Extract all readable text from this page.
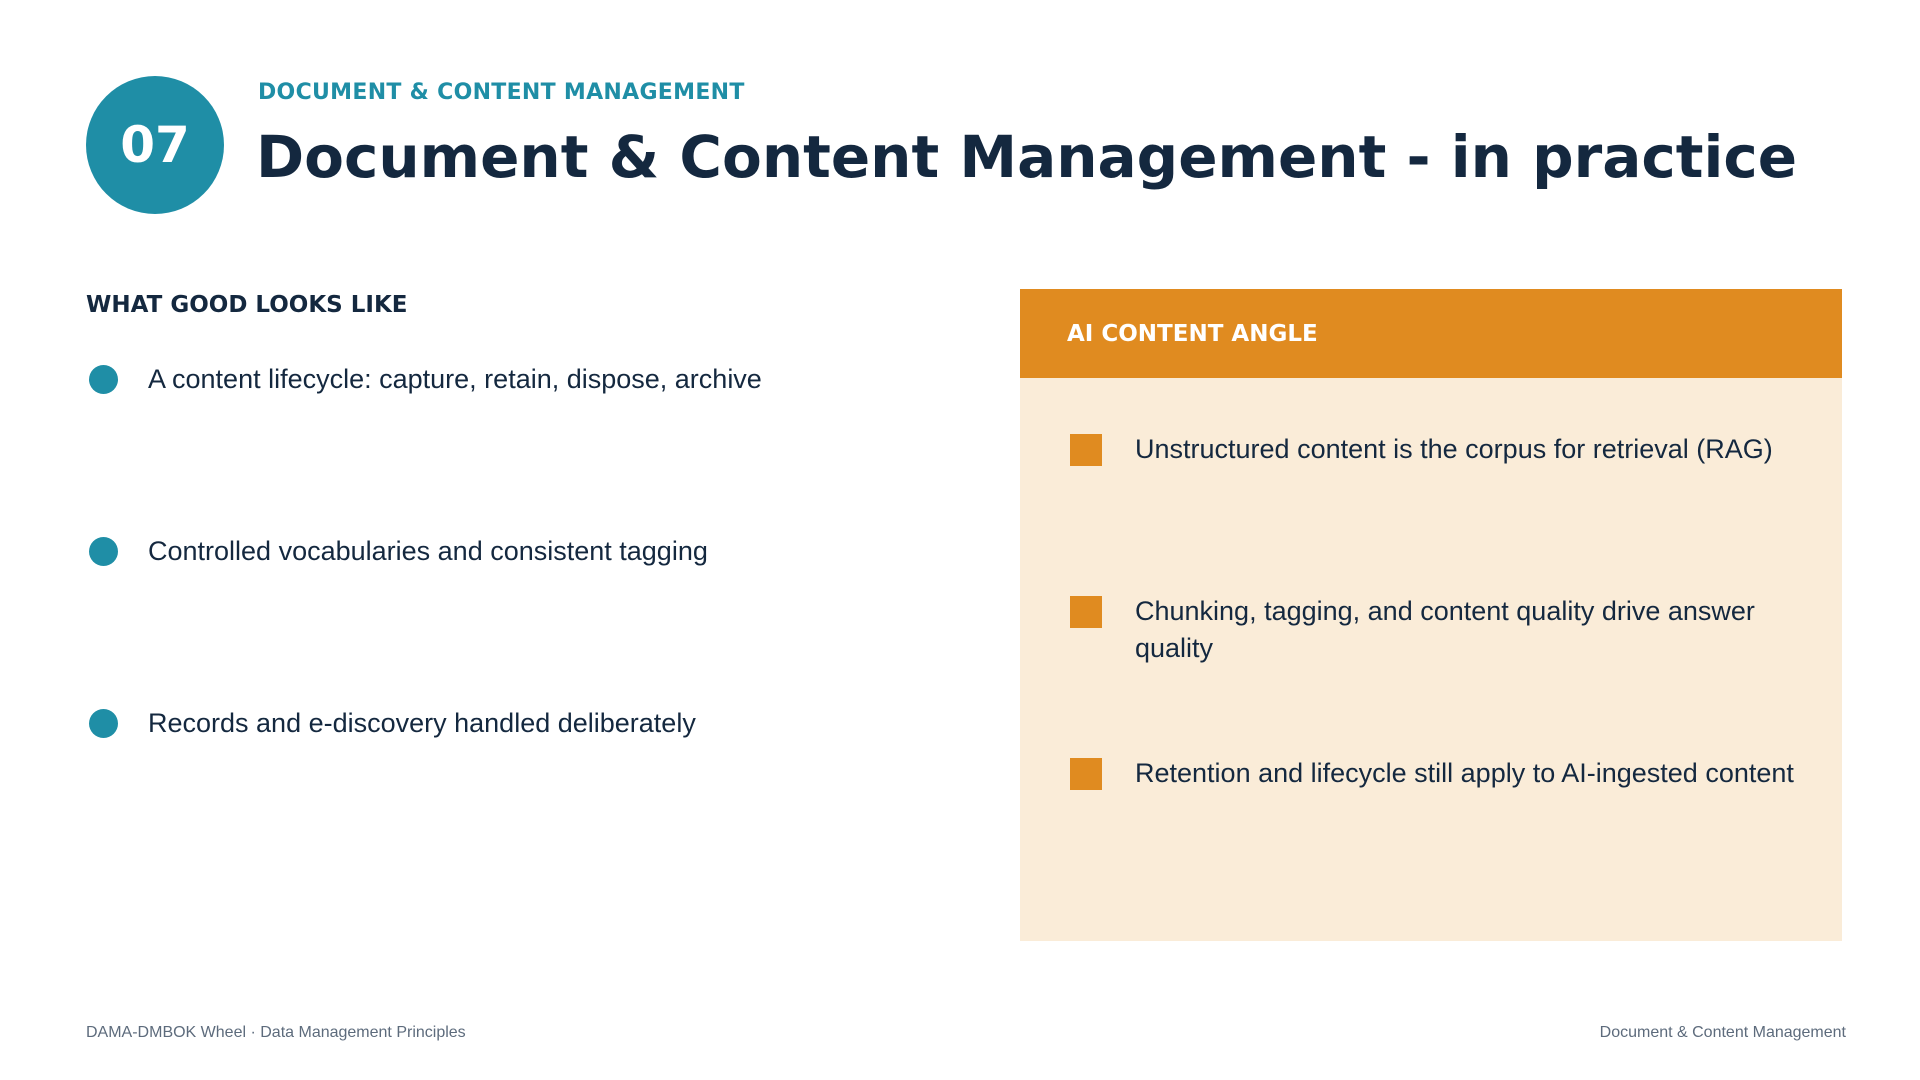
07
DOCUMENT & CONTENT MANAGEMENT
Document & Content Management - in practice
WHAT GOOD LOOKS LIKE
A content lifecycle: capture, retain, dispose, archive
Controlled vocabularies and consistent tagging
Records and e-discovery handled deliberately
AI CONTENT ANGLE
Unstructured content is the corpus for retrieval (RAG)
Chunking, tagging, and content quality drive answer quality
Retention and lifecycle still apply to AI-ingested content
DAMA-DMBOK Wheel · Data Management Principles	Document & Content Management
